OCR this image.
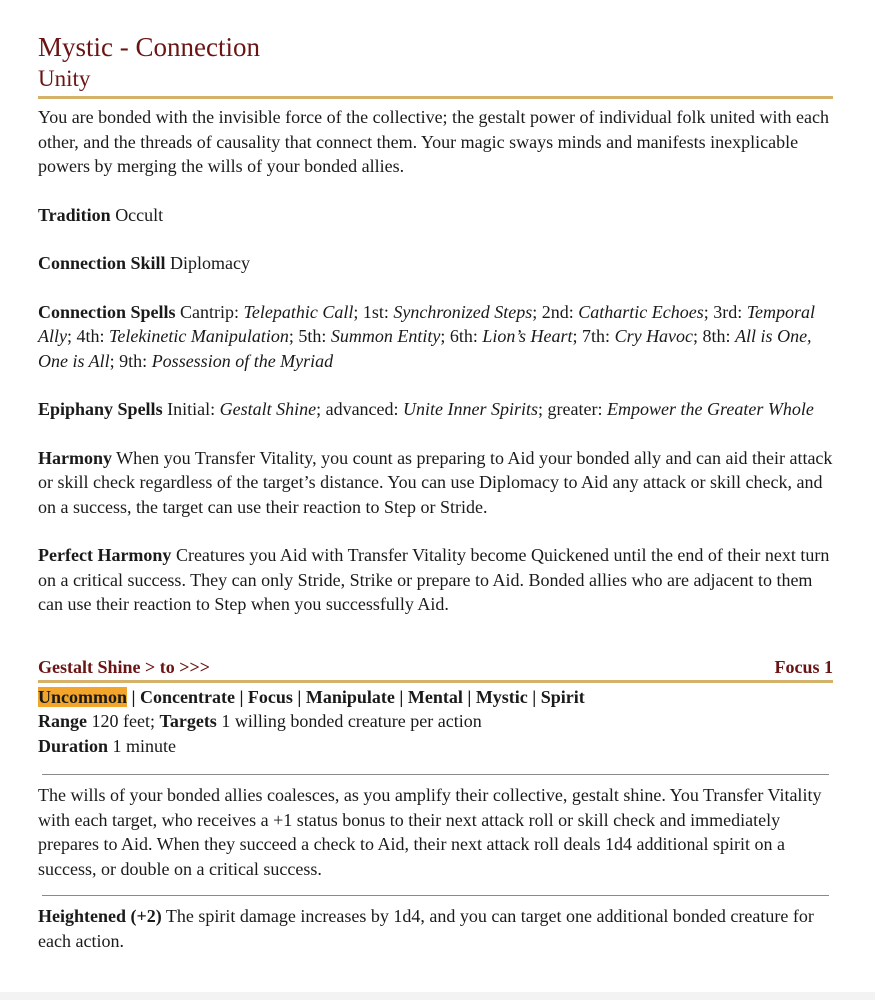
Mystic - Connection
Unity

You are bonded with the invisible force of the collective; the gestalt power of individual folk united with each other, and the threads of causality that connect them. Your magic sways minds and manifests inexplicable powers by merging the wills of your bonded allies.

Tradition Occult

Connection Skill Diplomacy

Connection Spells Cantrip: Telepathic Call; 1st: Synchronized Steps; 2nd: Cathartic Echoes; 3rd: Temporal Ally; 4th: Telekinetic Manipulation; 5th: Summon Entity; 6th: Lion’s Heart; 7th: Cry Havoc; 8th: All is One, One is All; 9th: Possession of the Myriad

Epiphany Spells Initial: Gestalt Shine; advanced: Unite Inner Spirits; greater: Empower the Greater Whole

Harmony When you Transfer Vitality, you count as preparing to Aid your bonded ally and can aid their attack or skill check regardless of the target’s distance. You can use Diplomacy to Aid any attack or skill check, and on a success, the target can use their reaction to Step or Stride.

Perfect Harmony Creatures you Aid with Transfer Vitality become Quickened until the end of their next turn on a critical success. They can only Stride, Strike or prepare to Aid. Bonded allies who are adjacent to them can use their reaction to Step when you successfully Aid.

Gestalt Shine > to >>>	Focus 1

Uncommon | Concentrate | Focus | Manipulate | Mental | Mystic | Spirit

Range 120 feet; Targets 1 willing bonded creature per action

Duration 1 minute

The wills of your bonded allies coalesces, as you amplify their collective, gestalt shine. You Transfer Vitality with each target, who receives a +1 status bonus to their next attack roll or skill check and immediately prepares to Aid. When they succeed a check to Aid, their next attack roll deals 1d4 additional spirit on a success, or double on a critical success.

Heightened (+2) The spirit damage increases by 1d4, and you can target one additional bonded creature for each action.
